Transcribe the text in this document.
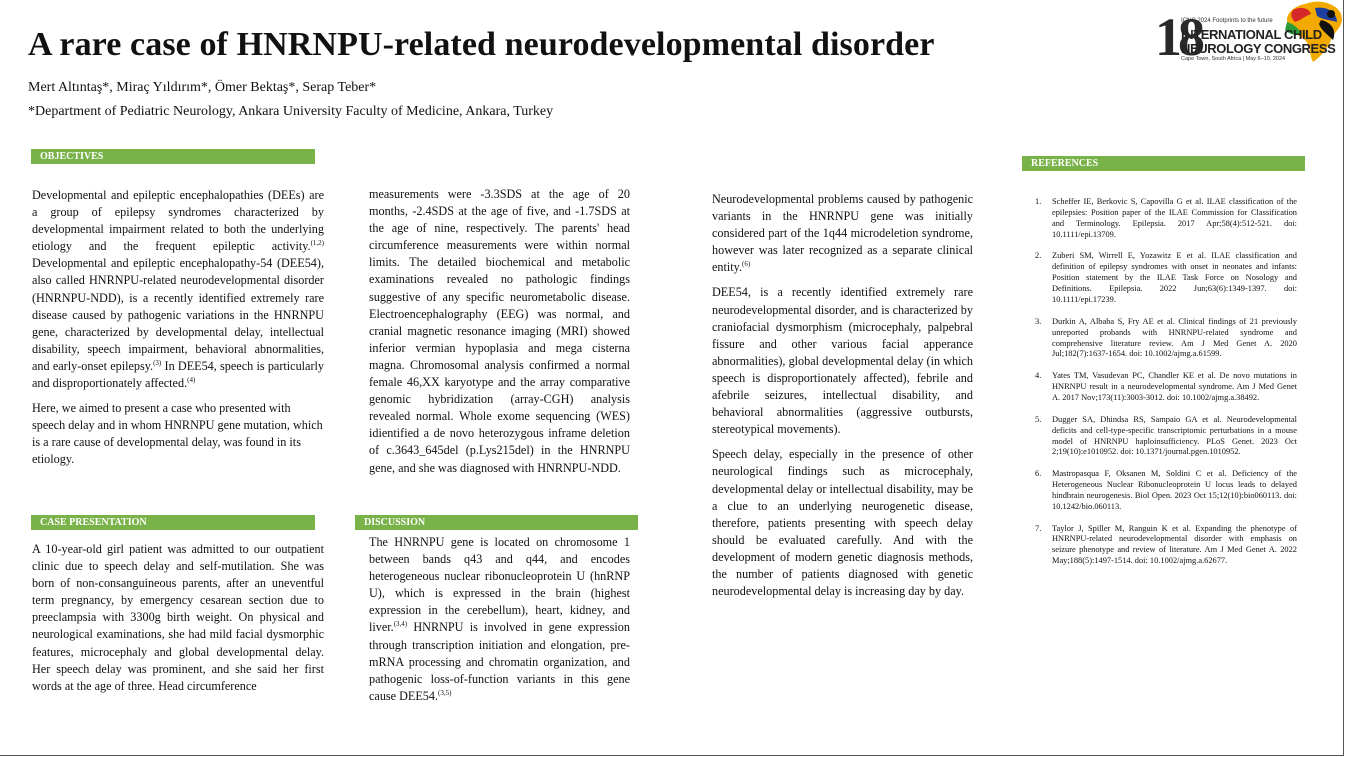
A rare case of HNRNPU-related neurodevelopmental disorder
Mert Altıntaş*, Miraç Yıldırım*, Ömer Bektaş*, Serap Teber*
*Department of Pediatric Neurology, Ankara University Faculty of Medicine, Ankara, Turkey
18
ICNC 2024 Footprints to the future
INTERNATIONAL CHILD
NEUROLOGY CONGRESS
Cape Town, South Africa | May 6–10, 2024
OBJECTIVES
CASE PRESENTATION	DISCUSSION
REFERENCES

Developmental and epileptic encephalopathies (DEEs) are a group of epilepsy syndromes characterized by developmental impairment related to both the underlying etiology and the frequent epileptic activity.$^{(1,2)}$ Developmental and epileptic encephalopathy-54 (DEE54), also called HNRNPU-related neurodevelopmental disorder (HNRNPU-NDD), is a recently identified extremely rare disease caused by pathogenic variations in the HNRNPU gene, characterized by developmental delay, intellectual disability, speech impairment, behavioral abnormalities, and early-onset epilepsy.$^{(3)}$ In DEE54, speech is particularly and disproportionately affected.$^{(4)}$

Here, we aimed to present a case who presented with speech delay and in whom HNRNPU gene mutation, which is a rare cause of developmental delay, was found in its etiology.

A 10-year-old girl patient was admitted to our outpatient clinic due to speech delay and self-mutilation. She was born of non-consanguineous parents, after an uneventful term pregnancy, by emergency cesarean section due to preeclampsia with 3300g birth weight. On physical and neurological examinations, she had mild facial dysmorphic features, microcephaly and global developmental delay. Her speech delay was prominent, and she said her first words at the age of three. Head circumference

measurements were -3.3SDS at the age of 20 months, -2.4SDS at the age of five, and -1.7SDS at the age of nine, respectively. The parents' head circumference measurements were within normal limits. The detailed biochemical and metabolic examinations revealed no pathologic findings suggestive of any specific neurometabolic disease. Electroencephalography (EEG) was normal, and cranial magnetic resonance imaging (MRI) showed inferior vermian hypoplasia and mega cisterna magna. Chromosomal analysis confirmed a normal female 46,XX karyotype and the array comparative genomic hybridization (array-CGH) analysis revealed normal. Whole exome sequencing (WES) idientified a de novo heterozygous inframe deletion of c.3643_645del (p.Lys215del) in the HNRNPU gene, and she was diagnosed with HNRNPU-NDD.

The HNRNPU gene is located on chromosome 1 between bands q43 and q44, and encodes heterogeneous nuclear ribonucleoprotein U (hnRNP U), which is expressed in the brain (highest expression in the cerebellum), heart, kidney, and liver.$^{(3,4)}$ HNRNPU is involved in gene expression through transcription initiation and elongation, pre-mRNA processing and chromatin organization, and pathogenic loss-of-function variants in this gene cause DEE54.$^{(3,5)}$

Neurodevelopmental problems caused by pathogenic variants in the HNRNPU gene was initially considered part of the 1q44 microdeletion syndrome, however was later recognized as a separate clinical entity.$^{(6)}$

DEE54, is a recently identified extremely rare neurodevelopmental disorder, and is characterized by craniofacial dysmorphism (microcephaly, palpebral fissure and other various facial apperance abnormalities), global developmental delay (in which speech is disproportionately affected), febrile and afebrile seizures, intellectual disability, and behavioral abnormalities (aggressive outbursts, stereotypical movements).

Speech delay, especially in the presence of other neurological findings such as microcephaly, developmental delay or intellectual disability, may be a clue to an underlying neurogenetic disease, therefore, patients presenting with speech delay should be evaluated carefully. And with the development of modern genetic diagnosis methods, the number of patients diagnosed with genetic neurodevelopmental delay is increasing day by day.

1.	Scheffer IE, Berkovic S, Capovilla G et al. ILAE classification of the epilepsies: Position paper of the ILAE Commission for Classification and Terminology. Epilepsia. 2017 Apr;58(4):512-521. doi: 10.1111/epi.13709.
2.	Zuberi SM, Wirrell E, Yozawitz E et al. ILAE classification and definition of epilepsy syndromes with onset in neonates and infants: Position statement by the ILAE Task Force on Nosology and Definitions. Epilepsia. 2022 Jun;63(6):1349-1397. doi: 10.1111/epi.17239.
3.	Durkin A, Albaba S, Fry AE et al. Clinical findings of 21 previously unreported probands with HNRNPU-related syndrome and comprehensive literature review. Am J Med Genet A. 2020 Jul;182(7):1637-1654. doi: 10.1002/ajmg.a.61599.
4.	Yates TM, Vasudevan PC, Chandler KE et al. De novo mutations in HNRNPU result in a neurodevelopmental syndrome. Am J Med Genet A. 2017 Nov;173(11):3003-3012. doi: 10.1002/ajmg.a.38492.
5.	Dugger SA, Dhindsa RS, Sampaio GA et al. Neurodevelopmental deficits and cell-type-specific transcriptomic perturbations in a mouse model of HNRNPU haploinsufficiency. PLoS Genet. 2023 Oct 2;19(10):e1010952. doi: 10.1371/journal.pgen.1010952.
6.	Mastropasqua F, Oksanen M, Soldini C et al. Deficiency of the Heterogeneous Nuclear Ribonucleoprotein U locus leads to delayed hindbrain neurogenesis. Biol Open. 2023 Oct 15;12(10):bio060113. doi: 10.1242/bio.060113.
7.	Taylor J, Spiller M, Ranguin K et al. Expanding the phenotype of HNRNPU-related neurodevelopmental disorder with emphasis on seizure phenotype and review of literature. Am J Med Genet A. 2022 May;188(5):1497-1514. doi: 10.1002/ajmg.a.62677.
